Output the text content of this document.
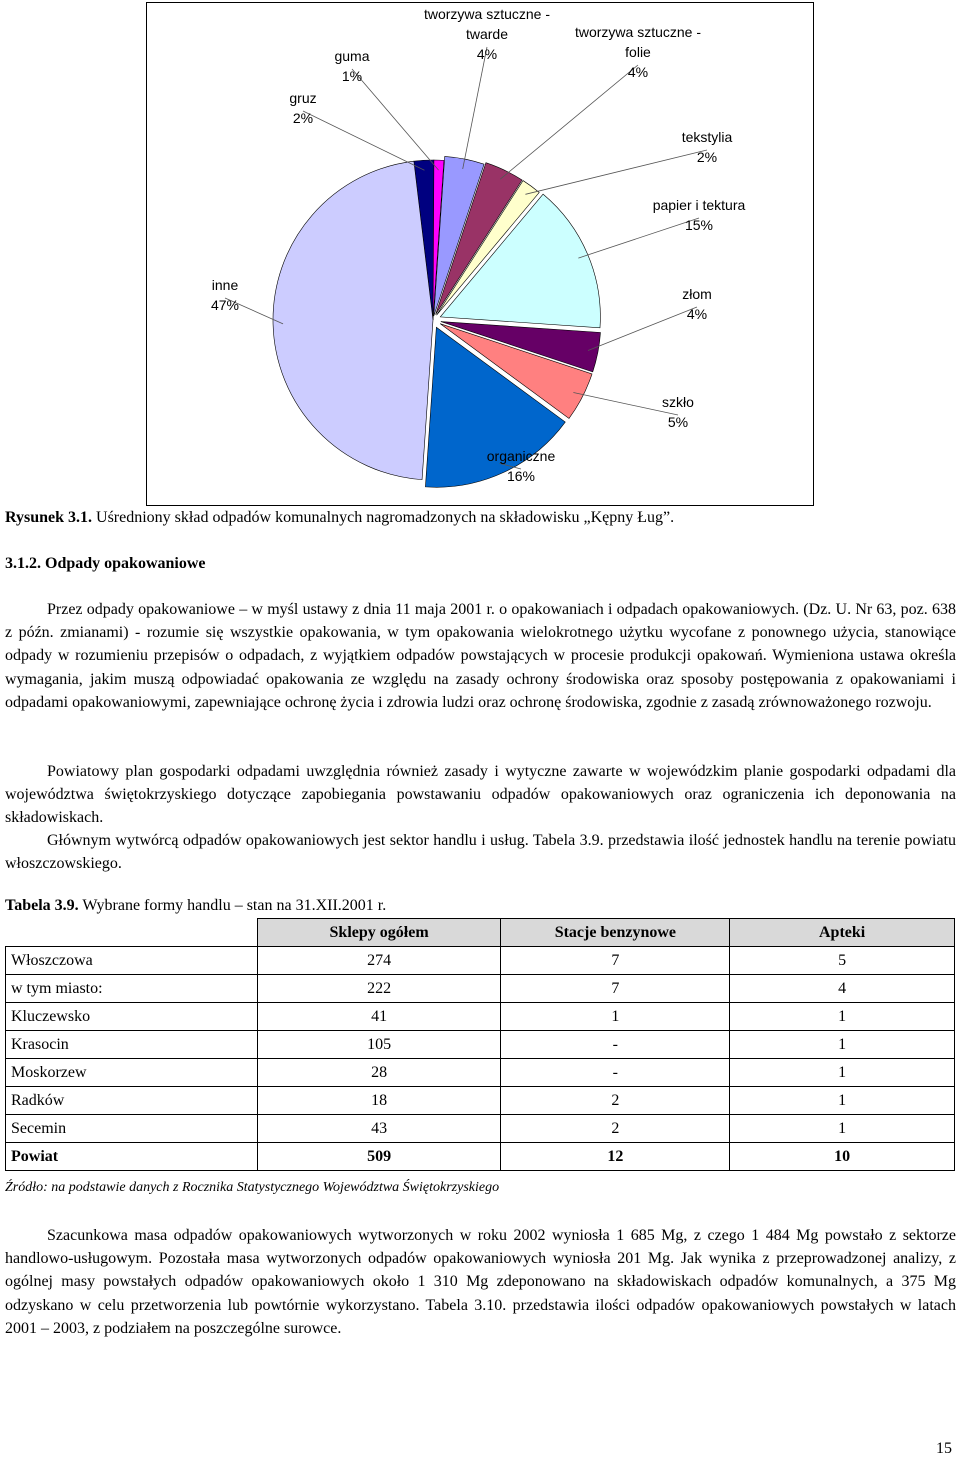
gruz 2%
guma 1%
tworzywa sztuczne -twarde 4%
tworzywa sztuczne -folie 4%
tekstylia 2%
papier i tektura 15%
złom 4%
szkło 5%
organiczne 16%
inne 47%
Rysunek 3.1. Uśredniony skład odpadów komunalnych nagromadzonych na składowisku „Kępny Ług”.
3.1.2. Odpady opakowaniowe
Przez odpady opakowaniowe – w myśl ustawy z dnia 11 maja 2001 r. o opakowaniach i odpadach opakowaniowych. (Dz. U. Nr 63, poz. 638 z późn. zmianami) - rozumie się wszystkie opakowania, w tym opakowania wielokrotnego użytku wycofane z ponownego użycia, stanowiące odpady w rozumieniu przepisów o odpadach, z wyjątkiem odpadów powstających w procesie produkcji opakowań. Wymieniona ustawa określa wymagania, jakim muszą odpowiadać opakowania ze względu na zasady ochrony środowiska oraz sposoby postępowania z opakowaniami i odpadami opakowaniowymi, zapewniające ochronę życia i zdrowia ludzi oraz ochronę środowiska, zgodnie z zasadą zrównoważonego rozwoju.
Powiatowy plan gospodarki odpadami uwzględnia również zasady i wytyczne zawarte w wojewódzkim planie gospodarki odpadami dla województwa świętokrzyskiego dotyczące zapobiegania powstawaniu odpadów opakowaniowych oraz ograniczenia ich deponowania na składowiskach.
Głównym wytwórcą odpadów opakowaniowych jest sektor handlu i usług. Tabela 3.9. przedstawia ilość jednostek handlu na terenie powiatu włoszczowskiego.
Tabela 3.9. Wybrane formy handlu – stan na 31.XII.2001 r.
	Sklepy ogółem	Stacje benzynowe	Apteki
Włoszczowa	274	7	5
w tym miasto:	222	7	4
Kluczewsko	41	1	1
Krasocin	105	-	1
Moskorzew	28	-	1
Radków	18	2	1
Secemin	43	2	1
Powiat	509	12	10
Źródło: na podstawie danych z Rocznika Statystycznego Województwa Świętokrzyskiego
Szacunkowa masa odpadów opakowaniowych wytworzonych w roku 2002 wyniosła 1 685 Mg, z czego 1 484 Mg powstało z sektorze handlowo-usługowym. Pozostała masa wytworzonych odpadów opakowaniowych wyniosła 201 Mg. Jak wynika z przeprowadzonej analizy, z ogólnej masy powstałych odpadów opakowaniowych około 1 310 Mg zdeponowano na składowiskach odpadów komunalnych, a 375 Mg odzyskano w celu przetworzenia lub powtórnie wykorzystano. Tabela 3.10. przedstawia ilości odpadów opakowaniowych powstałych w latach 2001 – 2003, z podziałem na poszczególne surowce.
15
